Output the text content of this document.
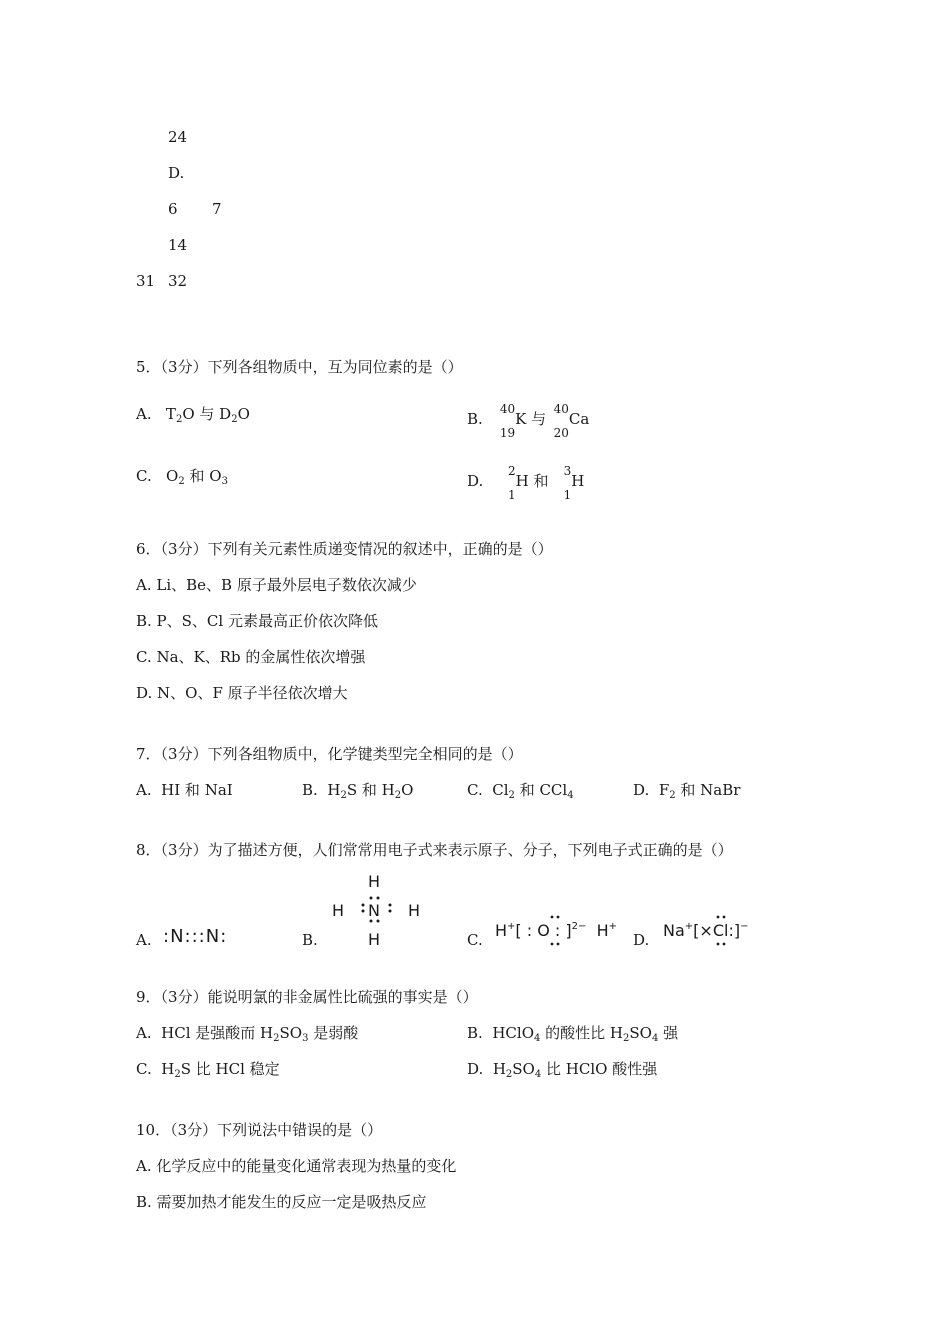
24
D.
6 7
14
31 32
5．（3分）下列各组物质中，互为同位素的是（）
A. $T_2O$ 与 $D_2O$	B.
40
19
K 与
40
20
Ca
C. $O_2$ 和 $O_3$	D.
2
1
H 和
3
1
H
6．（3分）下列有关元素性质递变情况的叙述中，正确的是（）
A. Li、Be、B 原子最外层电子数依次减少
B. P、S、Cl 元素最高正价依次降低
C. Na、K、Rb 的金属性依次增强
D. N、O、F 原子半径依次增大
7．（3分）下列各组物质中，化学键类型完全相同的是（）
A. HI 和 NaI	B. $H_2S$ 和 $H_2O$	C. $Cl_2$ 和 CCl$_4$	D. $F_2$ 和 NaBr
8．（3分）为了描述方便，人们常常用电子式来表示原子、分子，下列电子式正确的是（）
A. :N:::N:	B.
H
H N H
H	C. H+[ : O : ]$^{2-}$ H+
D. Na+[×Cl:]−
9．（3分）能说明氯的非金属性比硫强的事实是（）
A. HCl 是强酸而 $H_2SO_3$ 是弱酸	B. HClO$_4$ 的酸性比 $H_2SO_4$ 强
C. $H_2S$ 比 HCl 稳定	D. $H_2SO_4$ 比 HClO 酸性强
10．（3分）下列说法中错误的是（）
A. 化学反应中的能量变化通常表现为热量的变化
B. 需要加热才能发生的反应一定是吸热反应
